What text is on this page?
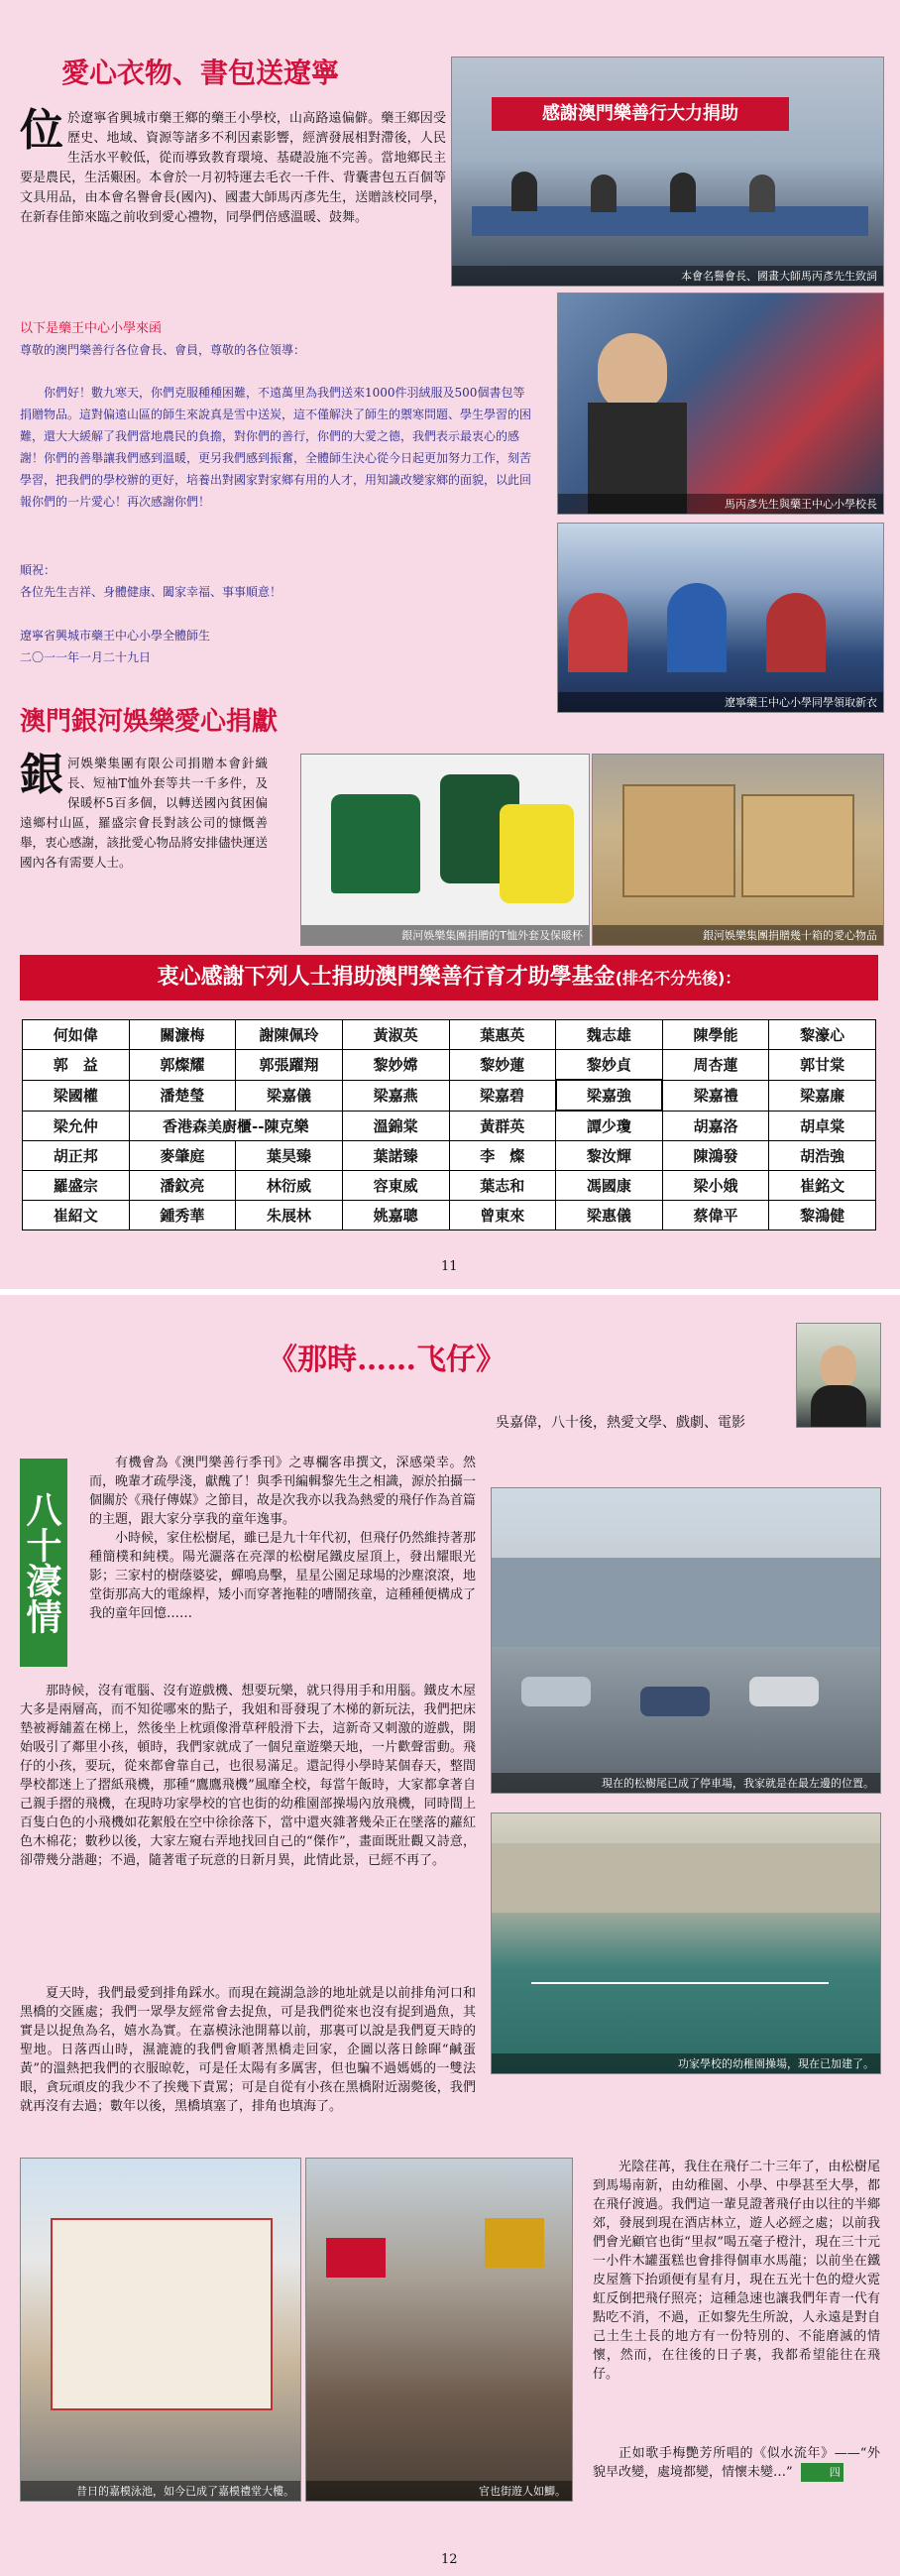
愛心衣物、書包送遼寧
位於遼寧省興城市藥王鄉的藥王小學校，山高路遠偏僻。藥王鄉因受歷史、地域、資源等諸多不利因素影響，經濟發展相對滯後，人民生活水平較低，從而導致教育環境、基礎設施不完善。當地鄉民主要是農民，生活艱困。本會於一月初特運去毛衣一千件、背囊書包五百個等文具用品，由本會名譽會長(國內)、國畫大師馬丙彥先生，送贈該校同學，在新春佳節來臨之前收到愛心禮物，同學們倍感溫暖、鼓舞。
感謝澳門樂善行大力捐助
本會名譽會長、國畫大師馬丙彥先生致詞
以下是藥王中心小學來函
尊敬的澳門樂善行各位會長、會員，尊敬的各位領導：
你們好！數九寒天，你們克服種種困難，不遠萬里為我們送來1000件羽絨服及500個書包等捐贈物品。這對偏遠山區的師生來說真是雪中送炭，這不僅解決了師生的禦寒問題、學生學習的困難，還大大緩解了我們當地農民的負擔，對你們的善行，你們的大愛之德，我們表示最衷心的感謝！你們的善舉讓我們感到溫暖，更另我們感到振奮，全體師生決心從今日起更加努力工作，刻苦學習，把我們的學校辦的更好，培養出對國家對家鄉有用的人才，用知識改變家鄉的面貌，以此回報你們的一片愛心！再次感謝你們！
順祝：
各位先生吉祥、身體健康、闔家幸福、事事順意！
遼寧省興城市藥王中心小學全體師生
二〇一一年一月二十九日
馬丙彥先生與藥王中心小學校長
遼寧藥王中心小學同學領取新衣
澳門銀河娛樂愛心捐獻
銀河娛樂集團有限公司捐贈本會針織長、短袖T恤外套等共一千多件，及保暖杯5百多個，以轉送國內貧困偏遠鄉村山區，羅盛宗會長對該公司的慷慨善舉，衷心感謝，該批愛心物品將安排儘快運送國內各有需要人士。
銀河娛樂集團捐贈的T恤外套及保暖杯	銀河娛樂集團捐贈幾十箱的愛心物品
衷心感謝下列人士捐助澳門樂善行育才助學基金(排名不分先後)：
何如偉	關濂梅	謝陳佩玲	黃淑英	葉惠英	魏志雄	陳學能	黎濠心
郭　益	郭燦耀	郭張躍翔	黎妙嫦	黎妙蓮	黎妙貞	周杏蓮	郭甘棠
梁國權	潘楚瑩	梁嘉儀	梁嘉燕	梁嘉碧	梁嘉強	梁嘉禮	梁嘉廉
梁允仲	香港森美廚櫃--陳克樂		溫錦棠	黃群英	譚少瓊	胡嘉洛	胡卓棠
胡正邦	麥肇庭	葉昊臻	葉諾臻	李　燦	黎汝輝	陳鴻發	胡浩強
羅盛宗	潘鈫亮	林衍威	容東威	葉志和	馮國康	梁小娥	崔銘文
崔紹文	鍾秀華	朱展林	姚嘉聰	曾東來	梁惠儀	蔡偉平	黎鴻健
11
《那時……飞仔》
吳嘉偉，八十後，熱愛文學、戲劇、電影
八十濠情
有機會為《澳門樂善行季刊》之專欄客串撰文，深感榮幸。然而，晚輩才疏學淺，獻醜了！與季刊編輯黎先生之相識，源於拍攝一個關於《飛仔傳媒》之節目，故是次我亦以我為熱愛的飛仔作為首篇的主題，跟大家分享我的童年逸事。
小時候，家住松樹尾，雖已是九十年代初，但飛仔仍然維持著那種簡樸和純樸。陽光灑落在亮澤的松樹尾鐵皮屋頂上，發出耀眼光影；三家村的樹蔭婆娑，蟬鳴鳥擊，星星公園足球場的沙塵滾滾，地堂街那高大的電線桿，矮小而穿著拖鞋的嘈鬧孩童，這種種便構成了我的童年回憶……
那時候，沒有電腦、沒有遊戲機、想要玩樂，就只得用手和用腦。鐵皮木屋大多是兩層高，而不知從哪來的點子，我姐和哥發現了木梯的新玩法，我們把床墊被褥舖蓋在梯上，然後坐上枕頭像滑草秤般滑下去，這新奇又刺激的遊戲，開始吸引了鄰里小孩，頓時，我們家就成了一個兒童遊樂天地，一片歡聲雷動。飛仔的小孩，要玩，從來都會靠自己，也很易滿足。還記得小學時某個春天，整間學校都迷上了摺紙飛機，那種“鷹鷹飛機”風靡全校，每當午飯時，大家都拿著自己親手摺的飛機，在現時功家學校的官也街的幼稚園部操場內放飛機，同時間上百隻白色的小飛機如花絮般在空中徐徐落下，當中還夾雜著幾朵正在墜落的蘿紅色木棉花；數秒以後，大家左窺右弄地找回自己的“傑作”，畫面既壯觀又詩意，卻帶幾分諧趣；不過，隨著電子玩意的日新月異，此情此景，已經不再了。
夏天時，我們最愛到排角踩水。而現在鏡湖急診的地址就是以前排角河口和黑橋的交匯處；我們一眾學友經常會去捉魚，可是我們從來也沒有捉到過魚，其實是以捉魚為名，嬉水為實。在嘉模泳池開幕以前，那裏可以說是我們夏天時的聖地。日落西山時，濕漉漉的我們會順著黑橋走回家，企圖以落日餘暉“鹹蛋黃”的溫熱把我們的衣服晾乾，可是任太陽有多厲害，但也騙不過媽媽的一雙法眼，貪玩頑皮的我少不了挨幾下責罵；可是自從有小孩在黑橋附近溺斃後，我們就再沒有去過；數年以後，黑橋填塞了，排角也填海了。
現在的松樹尾已成了停車場，我家就是在最左邊的位置。
功家學校的幼稚園操場，現在已加建了。
昔日的嘉模泳池，如今已成了嘉模禮堂大樓。	官也街遊人如鯽。
光陰荏苒，我住在飛仔二十三年了，由松樹尾到馬場南新，由幼稚園、小學、中學甚至大學，都在飛仔渡過。我們這一輩見證著飛仔由以往的半鄉郊，發展到現在酒店林立，遊人必經之處；以前我們會光顧官也街“里叔”喝五毫子橙汁，現在三十元一小件木罐蛋糕也會排得個車水馬龍；以前坐在鐵皮屋簷下抬頭便有星有月，現在五光十色的燈火霓虹反倒把飛仔照亮；這種急速也讓我們年青一代有點吃不消，不過，正如黎先生所說，人永遠是對自己土生土長的地方有一份特別的、不能磨滅的情懷，然而，在往後的日子裏，我都希望能往在飛仔。
正如歌手梅艷芳所唱的《似水流年》——“外貌早改變，處境都變，情懷未變…”	四
12
